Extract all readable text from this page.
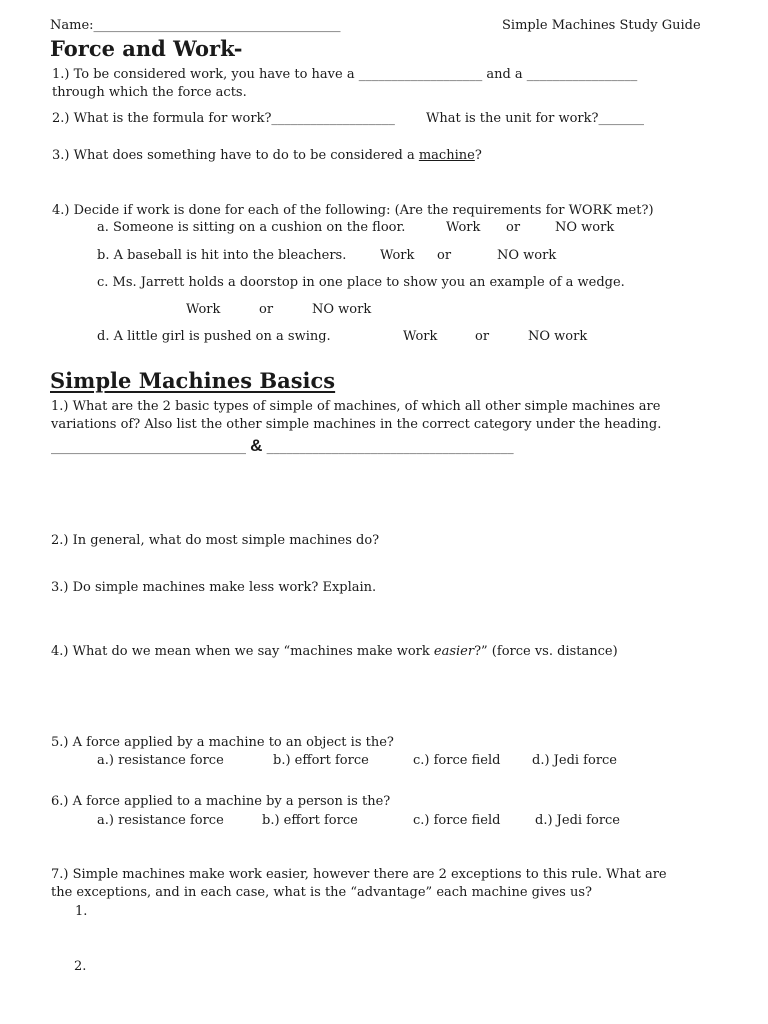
Name:______________________________________	Simple Machines Study Guide
Force and Work-
1.) To be considered work, you have to have a ___________________ and a _________________
through which the force acts.
2.) What is the formula for work?___________________ What is the unit for work?_______
3.) What does something have to do to be considered a machine?
4.) Decide if work is done for each of the following: (Are the requirements for WORK met?)
a. Someone is sitting on a cushion on the floor.	Work or	NO work
b. A baseball is hit into the bleachers.	Work or	NO work
c. Ms. Jarrett holds a doorstop in one place to show you an example of a wedge.
Work	or	NO work
d. A little girl is pushed on a swing.	Work	or	NO work
Simple Machines Basics
1.) What are the 2 basic types of simple of machines, of which all other simple machines are
variations of? Also list the other simple machines in the correct category under the heading.
______________________________ & ______________________________________
2.) In general, what do most simple machines do?
3.) Do simple machines make less work? Explain.
4.) What do we mean when we say “machines make work easier?” (force vs. distance)
5.) A force applied by a machine to an object is the?
a.) resistance force	b.) effort force	c.) force field d.) Jedi force
6.) A force applied to a machine by a person is the?
a.) resistance force	b.) effort force	c.) force field	d.) Jedi force
7.) Simple machines make work easier, however there are 2 exceptions to this rule. What are
the exceptions, and in each case, what is the “advantage” each machine gives us?
1.
2.
